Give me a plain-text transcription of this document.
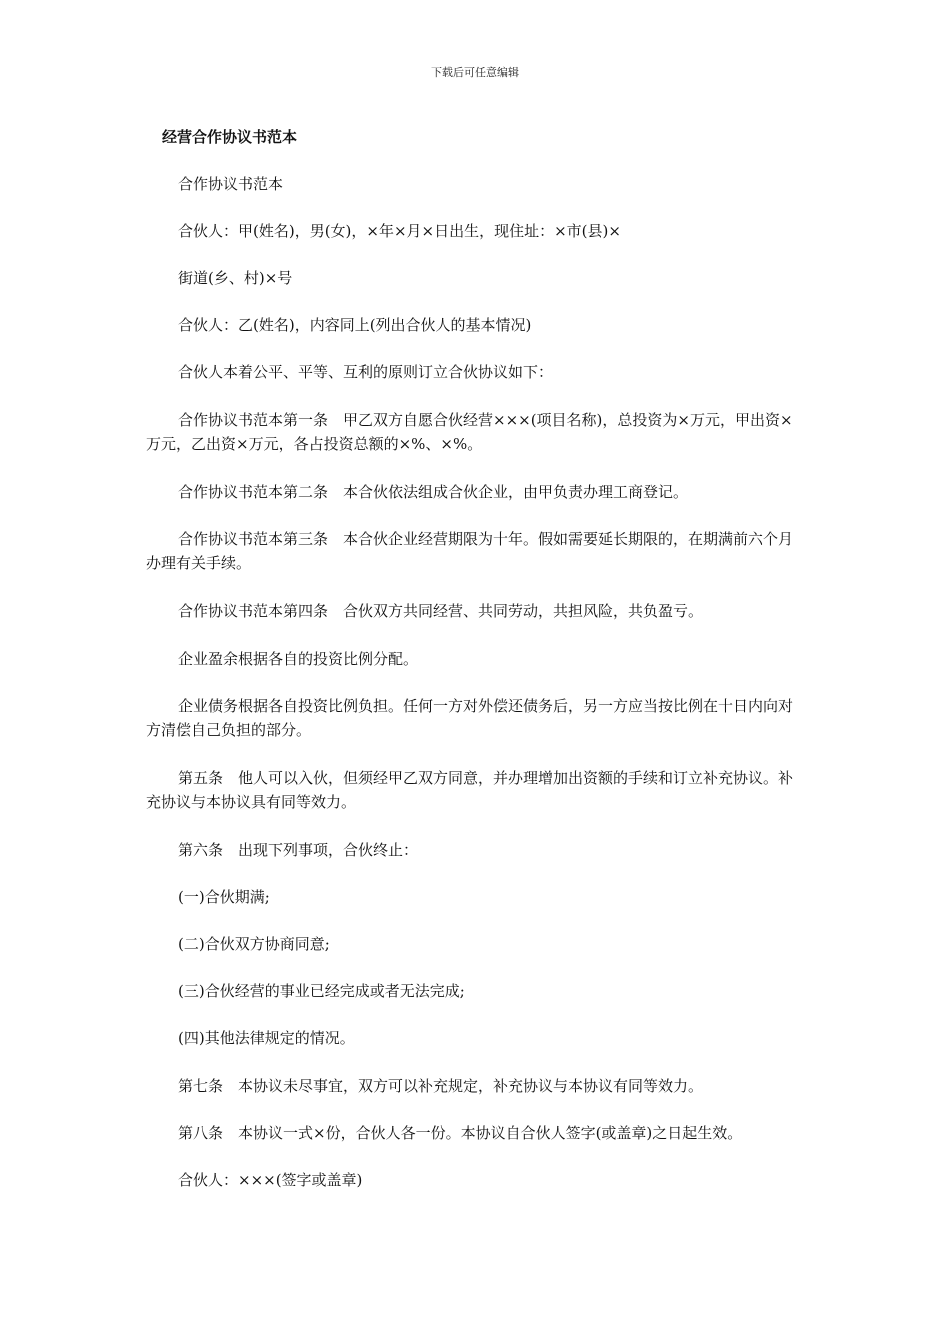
下载后可任意编辑
经营合作协议书范本
合作协议书范本
合伙人：甲(姓名)，男(女)，×年×月×日出生，现住址：×市(县)×
街道(乡、村)×号
合伙人：乙(姓名)，内容同上(列出合伙人的基本情况)
合伙人本着公平、平等、互利的原则订立合伙协议如下：
合作协议书范本第一条　甲乙双方自愿合伙经营×××(项目名称)，总投资为×万元，甲出资×万元，乙出资×万元，各占投资总额的×%、×%。
合作协议书范本第二条　本合伙依法组成合伙企业，由甲负责办理工商登记。
合作协议书范本第三条　本合伙企业经营期限为十年。假如需要延长期限的，在期满前六个月办理有关手续。
合作协议书范本第四条　合伙双方共同经营、共同劳动，共担风险，共负盈亏。
企业盈余根据各自的投资比例分配。
企业债务根据各自投资比例负担。任何一方对外偿还债务后，另一方应当按比例在十日内向对方清偿自己负担的部分。
第五条　他人可以入伙，但须经甲乙双方同意，并办理增加出资额的手续和订立补充协议。补充协议与本协议具有同等效力。
第六条　出现下列事项，合伙终止：
(一)合伙期满;
(二)合伙双方协商同意;
(三)合伙经营的事业已经完成或者无法完成;
(四)其他法律规定的情况。
第七条　本协议未尽事宜，双方可以补充规定，补充协议与本协议有同等效力。
第八条　本协议一式×份，合伙人各一份。本协议自合伙人签字(或盖章)之日起生效。
合伙人：×××(签字或盖章)
